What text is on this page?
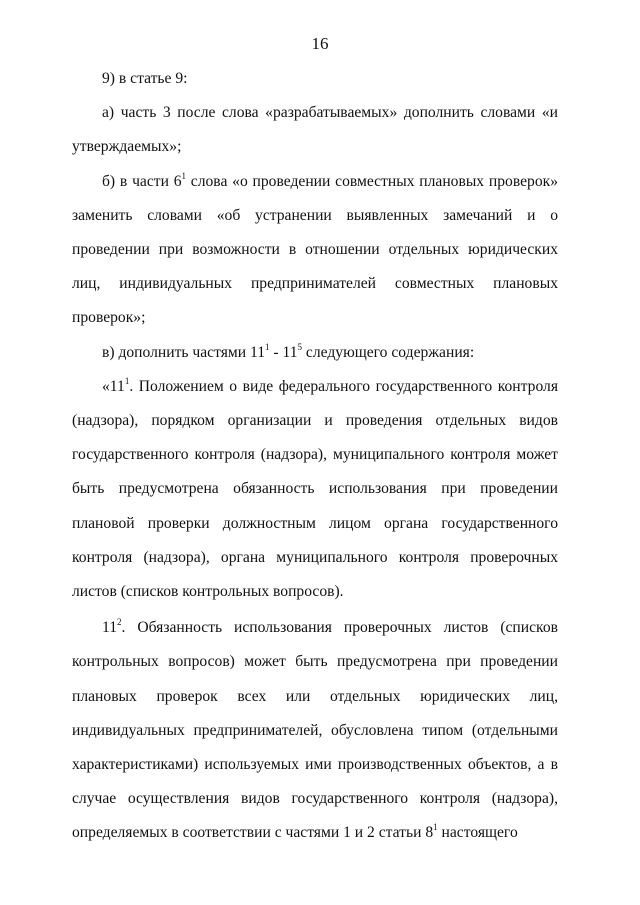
16

9) в статье 9:

а) часть 3 после слова «разрабатываемых» дополнить словами «и утверждаемых»;

б) в части $6^1$ слова «о проведении совместных плановых проверок» заменить словами «об устранении выявленных замечаний и о проведении при возможности в отношении отдельных юридических лиц, индивидуальных предпринимателей совместных плановых проверок»;

в) дополнить частями $11^1 - 11^5$ следующего содержания:

«$11^1$. Положением о виде федерального государственного контроля (надзора), порядком организации и проведения отдельных видов государственного контроля (надзора), муниципального контроля может быть предусмотрена обязанность использования при проведении плановой проверки должностным лицом органа государственного контроля (надзора), органа муниципального контроля проверочных листов (списков контрольных вопросов).

$11^2$. Обязанность использования проверочных листов (списков контрольных вопросов) может быть предусмотрена при проведении плановых проверок всех или отдельных юридических лиц, индивидуальных предпринимателей, обусловлена типом (отдельными характеристиками) используемых ими производственных объектов, а в случае осуществления видов государственного контроля (надзора), определяемых в соответствии с частями 1 и 2 статьи $8^1$ настоящего
